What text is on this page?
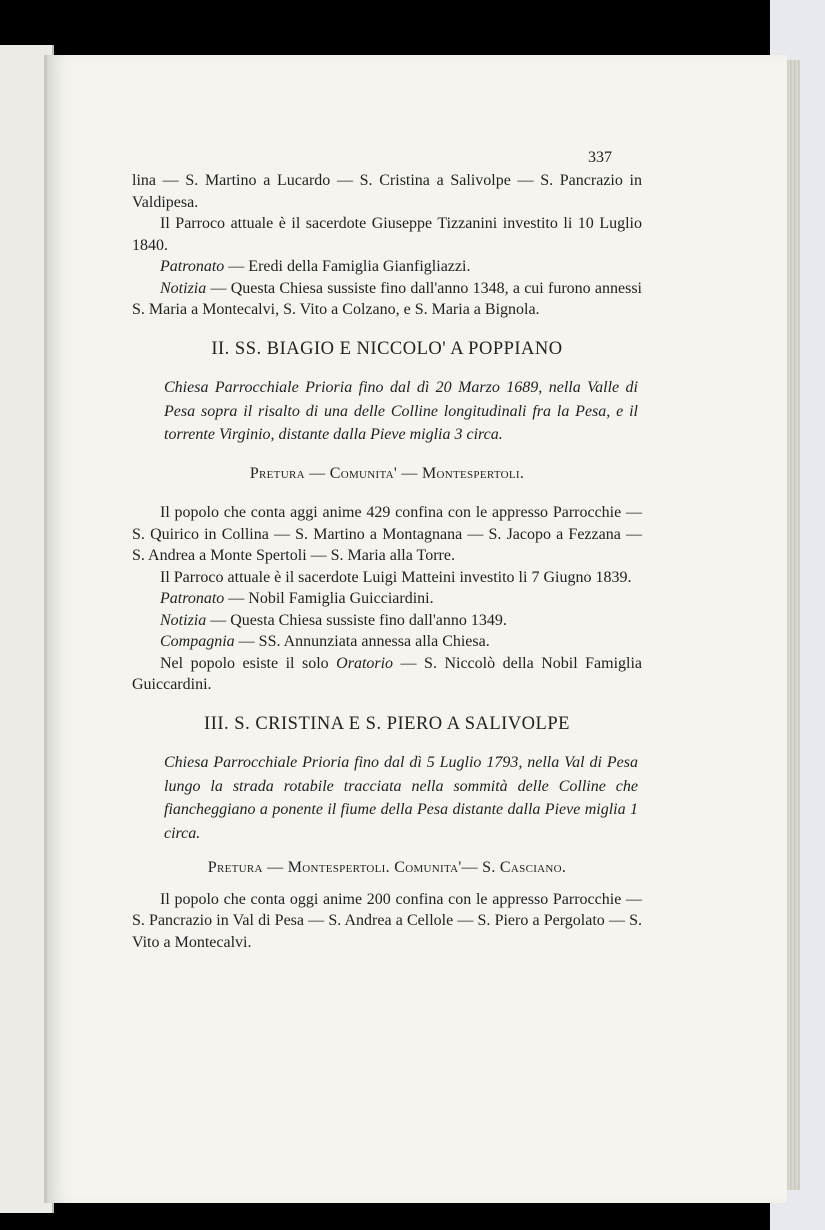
337

lina — S. Martino a Lucardo — S. Cristina a Salivolpe — S. Pancrazio in Valdipesa.

Il Parroco attuale è il sacerdote Giuseppe Tizzanini investito li 10 Luglio 1840.

Patronato — Eredi della Famiglia Gianfigliazzi.

Notizia — Questa Chiesa sussiste fino dall'anno 1348, a cui furono annessi S. Maria a Montecalvi, S. Vito a Colzano, e S. Maria a Bignola.

II. SS. BIAGIO E NICCOLO' A POPPIANO

Chiesa Parrocchiale Prioria fino dal dì 20 Marzo 1689, nella Valle di Pesa sopra il risalto di una delle Colline longitudinali fra la Pesa, e il torrente Virginio, distante dalla Pieve miglia 3 circa.

Pretura — Comunita' — Montespertoli.

Il popolo che conta aggi anime 429 confina con le appresso Parrocchie — S. Quirico in Collina — S. Martino a Montagnana — S. Jacopo a Fezzana — S. Andrea a Monte Spertoli — S. Maria alla Torre.

Il Parroco attuale è il sacerdote Luigi Matteini investito li 7 Giugno 1839.

Patronato — Nobil Famiglia Guicciardini.

Notizia — Questa Chiesa sussiste fino dall'anno 1349.

Compagnia — SS. Annunziata annessa alla Chiesa.

Nel popolo esiste il solo Oratorio — S. Niccolò della Nobil Famiglia Guiccardini.

III. S. CRISTINA E S. PIERO A SALIVOLPE

Chiesa Parrocchiale Prioria fino dal dì 5 Luglio 1793, nella Val di Pesa lungo la strada rotabile tracciata nella sommità delle Colline che fiancheggiano a ponente il fiume della Pesa distante dalla Pieve miglia 1 circa.

Pretura — Montespertoli. Comunita'— S. Casciano.

Il popolo che conta oggi anime 200 confina con le appresso Parrocchie — S. Pancrazio in Val di Pesa — S. Andrea a Cellole — S. Piero a Pergolato — S. Vito a Montecalvi.
